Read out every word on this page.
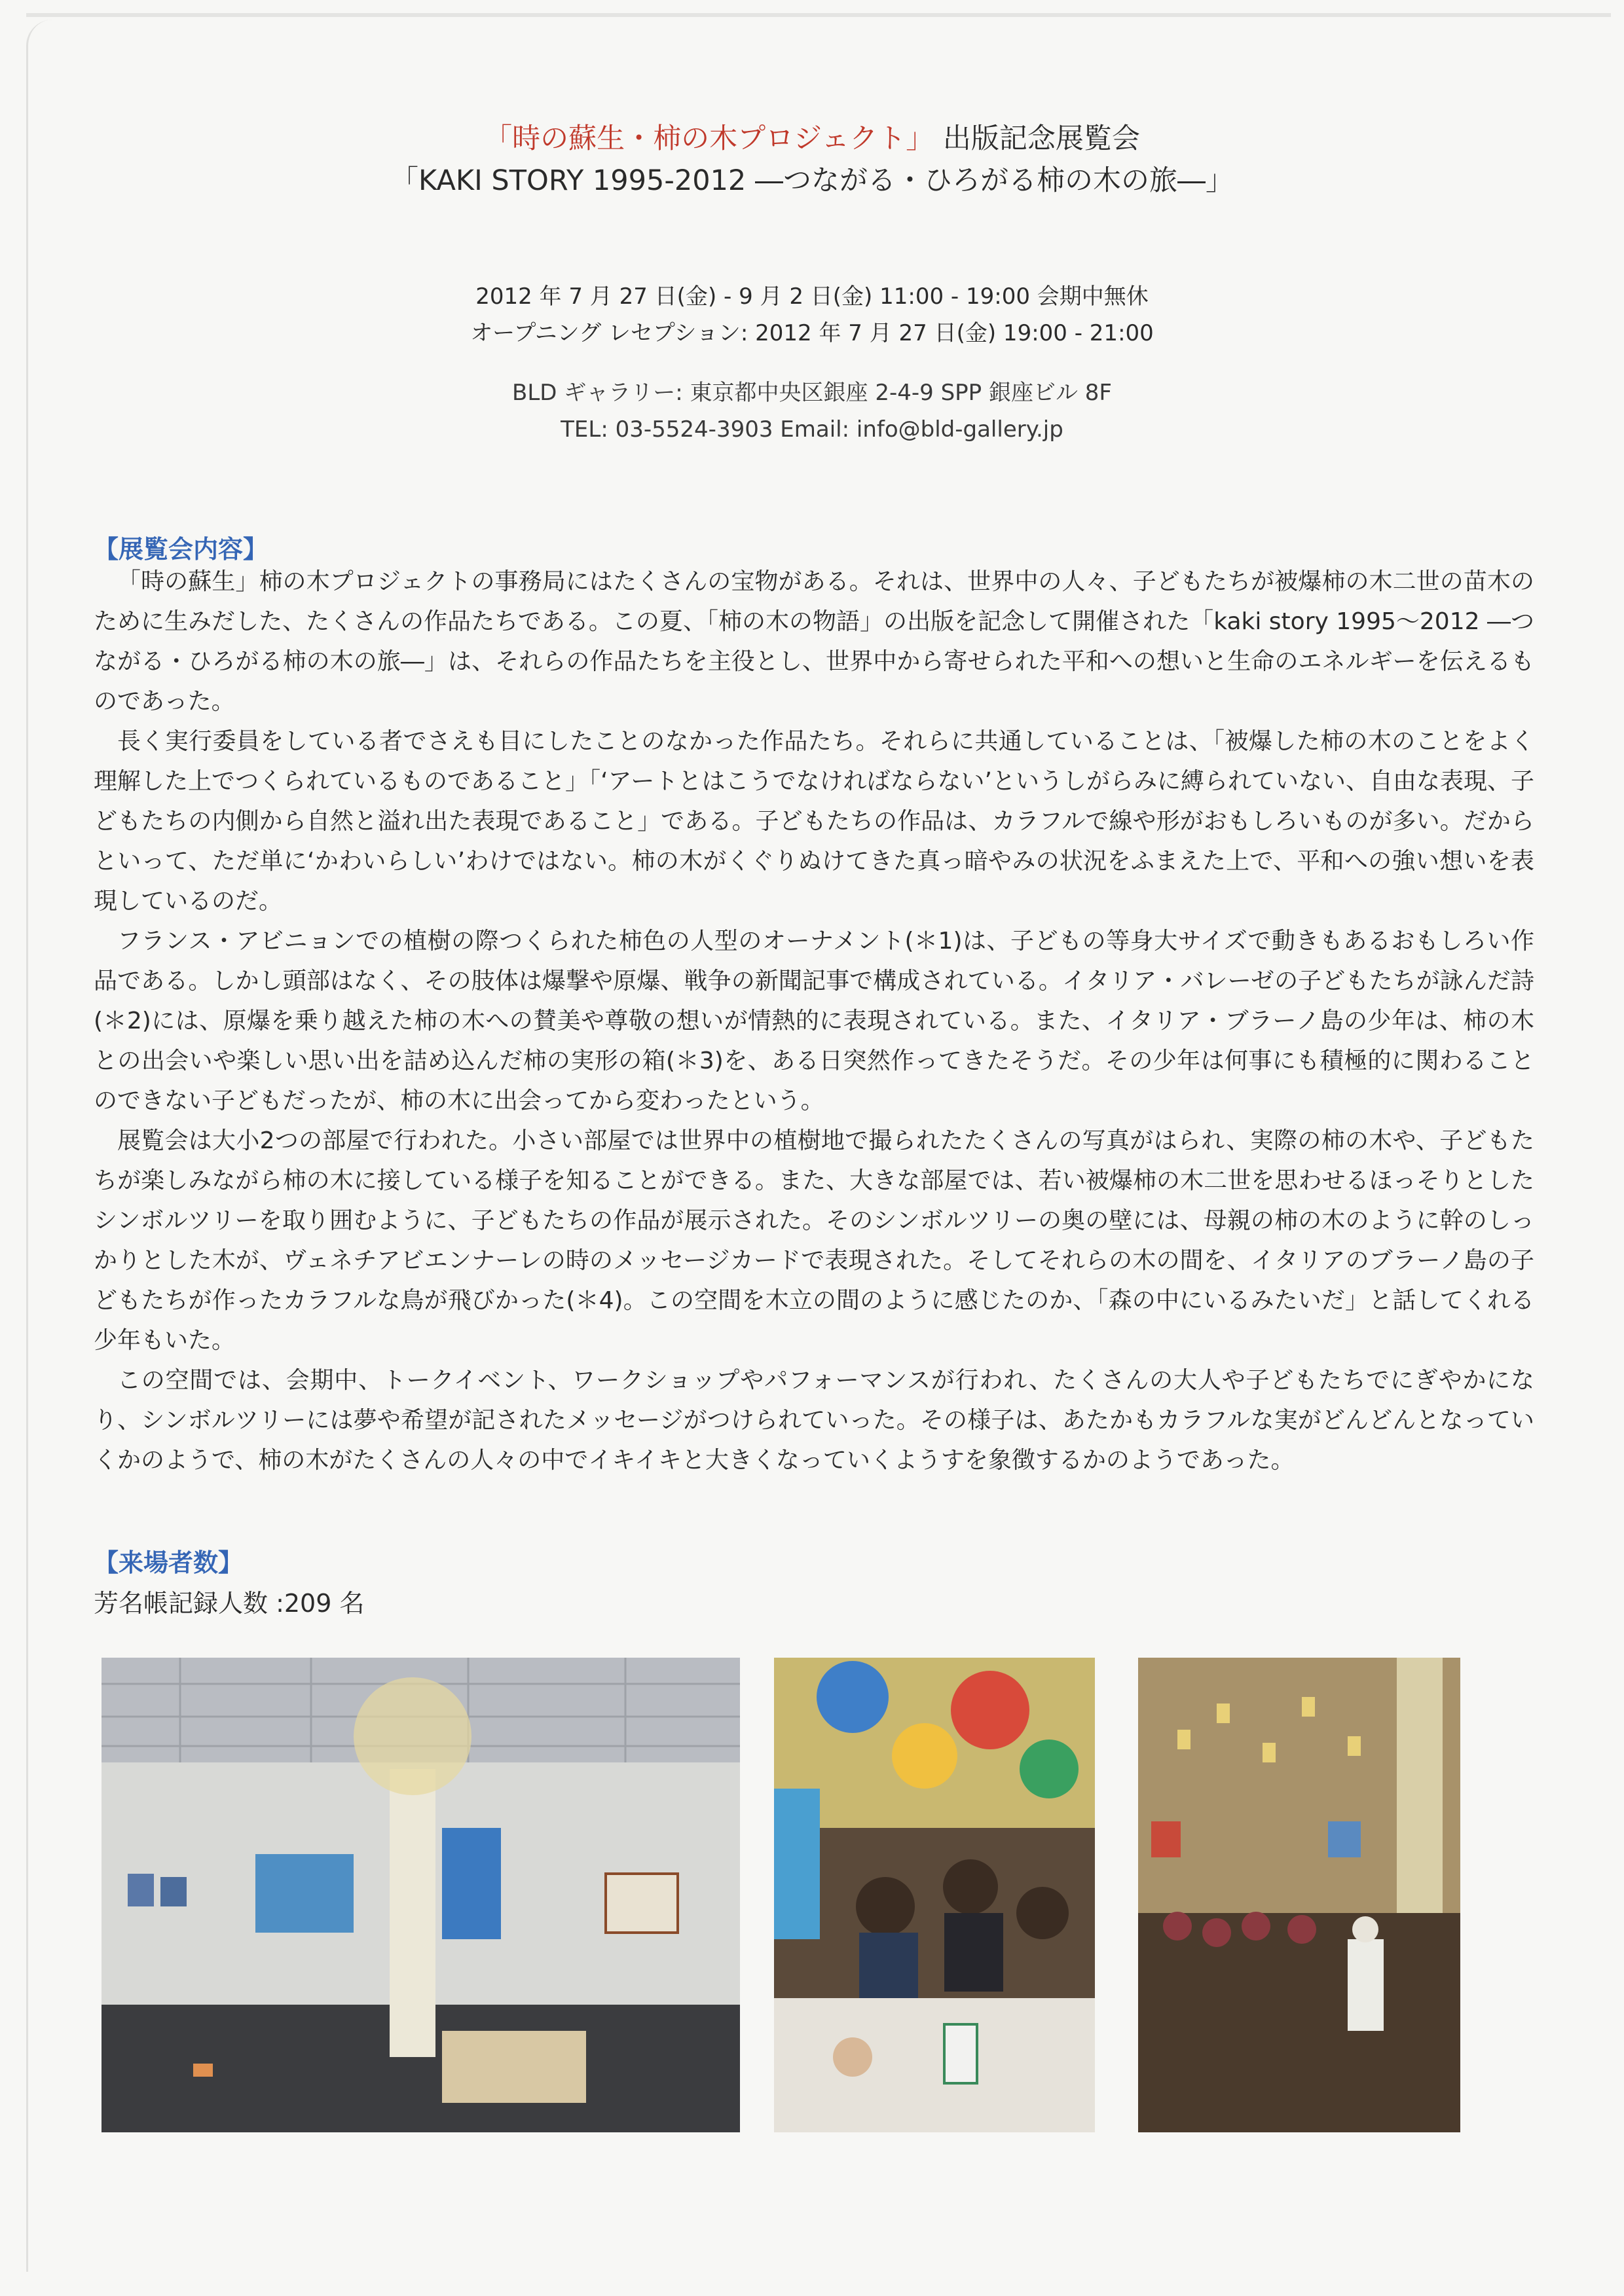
「時の蘇生・柿の木プロジェクト」 出版記念展覧会
「KAKI STORY 1995-2012 ―つながる・ひろがる柿の木の旅―」
2012 年 7 月 27 日(金) - 9 月 2 日(金) 11:00 - 19:00 会期中無休
オープニング レセプション: 2012 年 7 月 27 日(金) 19:00 - 21:00
BLD ギャラリー: 東京都中央区銀座 2-4-9 SPP 銀座ビル 8F
TEL: 03-5524-3903 Email: info@bld-gallery.jp
【展覧会内容】

「時の蘇生」柿の木プロジェクトの事務局にはたくさんの宝物がある。それは、世界中の人々、子どもたちが被爆柿の木二世の苗木のために生みだした、たくさんの作品たちである。この夏、「柿の木の物語」の出版を記念して開催された「kaki story 1995〜2012 ―つながる・ひろがる柿の木の旅―」は、それらの作品たちを主役とし、世界中から寄せられた平和への想いと生命のエネルギーを伝えるものであった。

長く実行委員をしている者でさえも目にしたことのなかった作品たち。それらに共通していることは、「被爆した柿の木のことをよく理解した上でつくられているものであること」「‘アートとはこうでなければならない’というしがらみに縛られていない、自由な表現、子どもたちの内側から自然と溢れ出た表現であること」である。子どもたちの作品は、カラフルで線や形がおもしろいものが多い。だからといって、ただ単に‘かわいらしい’わけではない。柿の木がくぐりぬけてきた真っ暗やみの状況をふまえた上で、平和への強い想いを表現しているのだ。

フランス・アビニョンでの植樹の際つくられた柿色の人型のオーナメント(＊1)は、子どもの等身大サイズで動きもあるおもしろい作品である。しかし頭部はなく、その肢体は爆撃や原爆、戦争の新聞記事で構成されている。イタリア・バレーゼの子どもたちが詠んだ詩(＊2)には、原爆を乗り越えた柿の木への賛美や尊敬の想いが情熱的に表現されている。また、イタリア・ブラーノ島の少年は、柿の木との出会いや楽しい思い出を詰め込んだ柿の実形の箱(＊3)を、ある日突然作ってきたそうだ。その少年は何事にも積極的に関わることのできない子どもだったが、柿の木に出会ってから変わったという。

展覧会は大小2つの部屋で行われた。小さい部屋では世界中の植樹地で撮られたたくさんの写真がはられ、実際の柿の木や、子どもたちが楽しみながら柿の木に接している様子を知ることができる。また、大きな部屋では、若い被爆柿の木二世を思わせるほっそりとしたシンボルツリーを取り囲むように、子どもたちの作品が展示された。そのシンボルツリーの奥の壁には、母親の柿の木のように幹のしっかりとした木が、ヴェネチアビエンナーレの時のメッセージカードで表現された。そしてそれらの木の間を、イタリアのブラーノ島の子どもたちが作ったカラフルな鳥が飛びかった(＊4)。この空間を木立の間のように感じたのか、「森の中にいるみたいだ」と話してくれる少年もいた。

この空間では、会期中、トークイベント、ワークショップやパフォーマンスが行われ、たくさんの大人や子どもたちでにぎやかになり、シンボルツリーには夢や希望が記されたメッセージがつけられていった。その様子は、あたかもカラフルな実がどんどんとなっていくかのようで、柿の木がたくさんの人々の中でイキイキと大きくなっていくようすを象徴するかのようであった。

【来場者数】
芳名帳記録人数 :209 名
